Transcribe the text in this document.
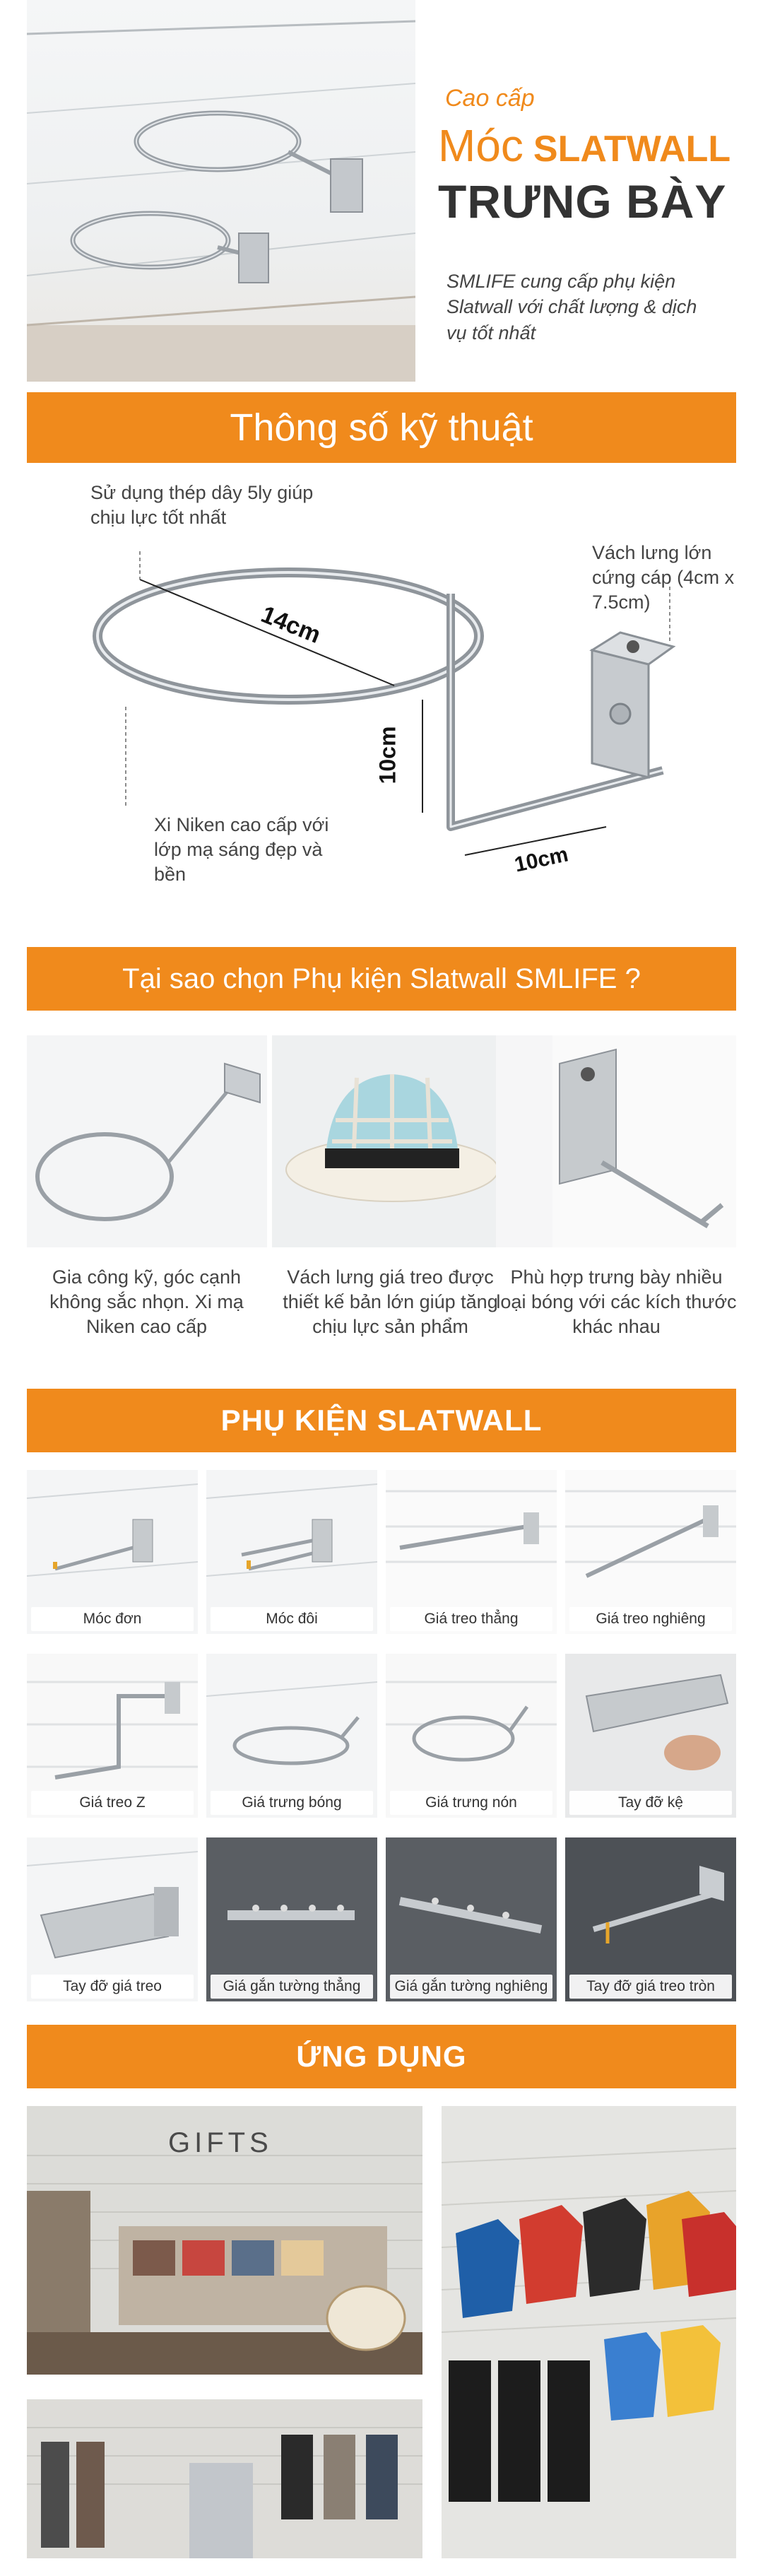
Cao cấp
Móc SLATWALL
TRƯNG BÀY
SMLIFE cung cấp phụ kiện Slatwall với chất lượng & dịch vụ tốt nhất
Thông số kỹ thuật
Sử dụng thép dây 5ly giúp chịu lực tốt nhất
Vách lưng lớn cứng cáp (4cm x 7.5cm)
Xi Niken cao cấp với lớp mạ sáng đẹp và bền
14cm
10cm
10cm
Tại sao chọn Phụ kiện Slatwall SMLIFE ?
Gia công kỹ, góc cạnh không sắc nhọn. Xi mạ Niken cao cấp
Vách lưng giá treo được thiết kế bản lớn giúp tăng chịu lực sản phẩm
Phù hợp trưng bày nhiều loại bóng với các kích thước khác nhau
PHỤ KIỆN SLATWALL
Móc đơn	Móc đôi	Giá treo thẳng	Giá treo nghiêng
Giá treo Z	Giá trưng bóng	Giá trưng nón	Tay đỡ kệ
Tay đỡ giá treo	Giá gắn tường thẳng	Giá gắn tường nghiêng	Tay đỡ giá treo tròn
ỨNG DỤNG
GIFTS
